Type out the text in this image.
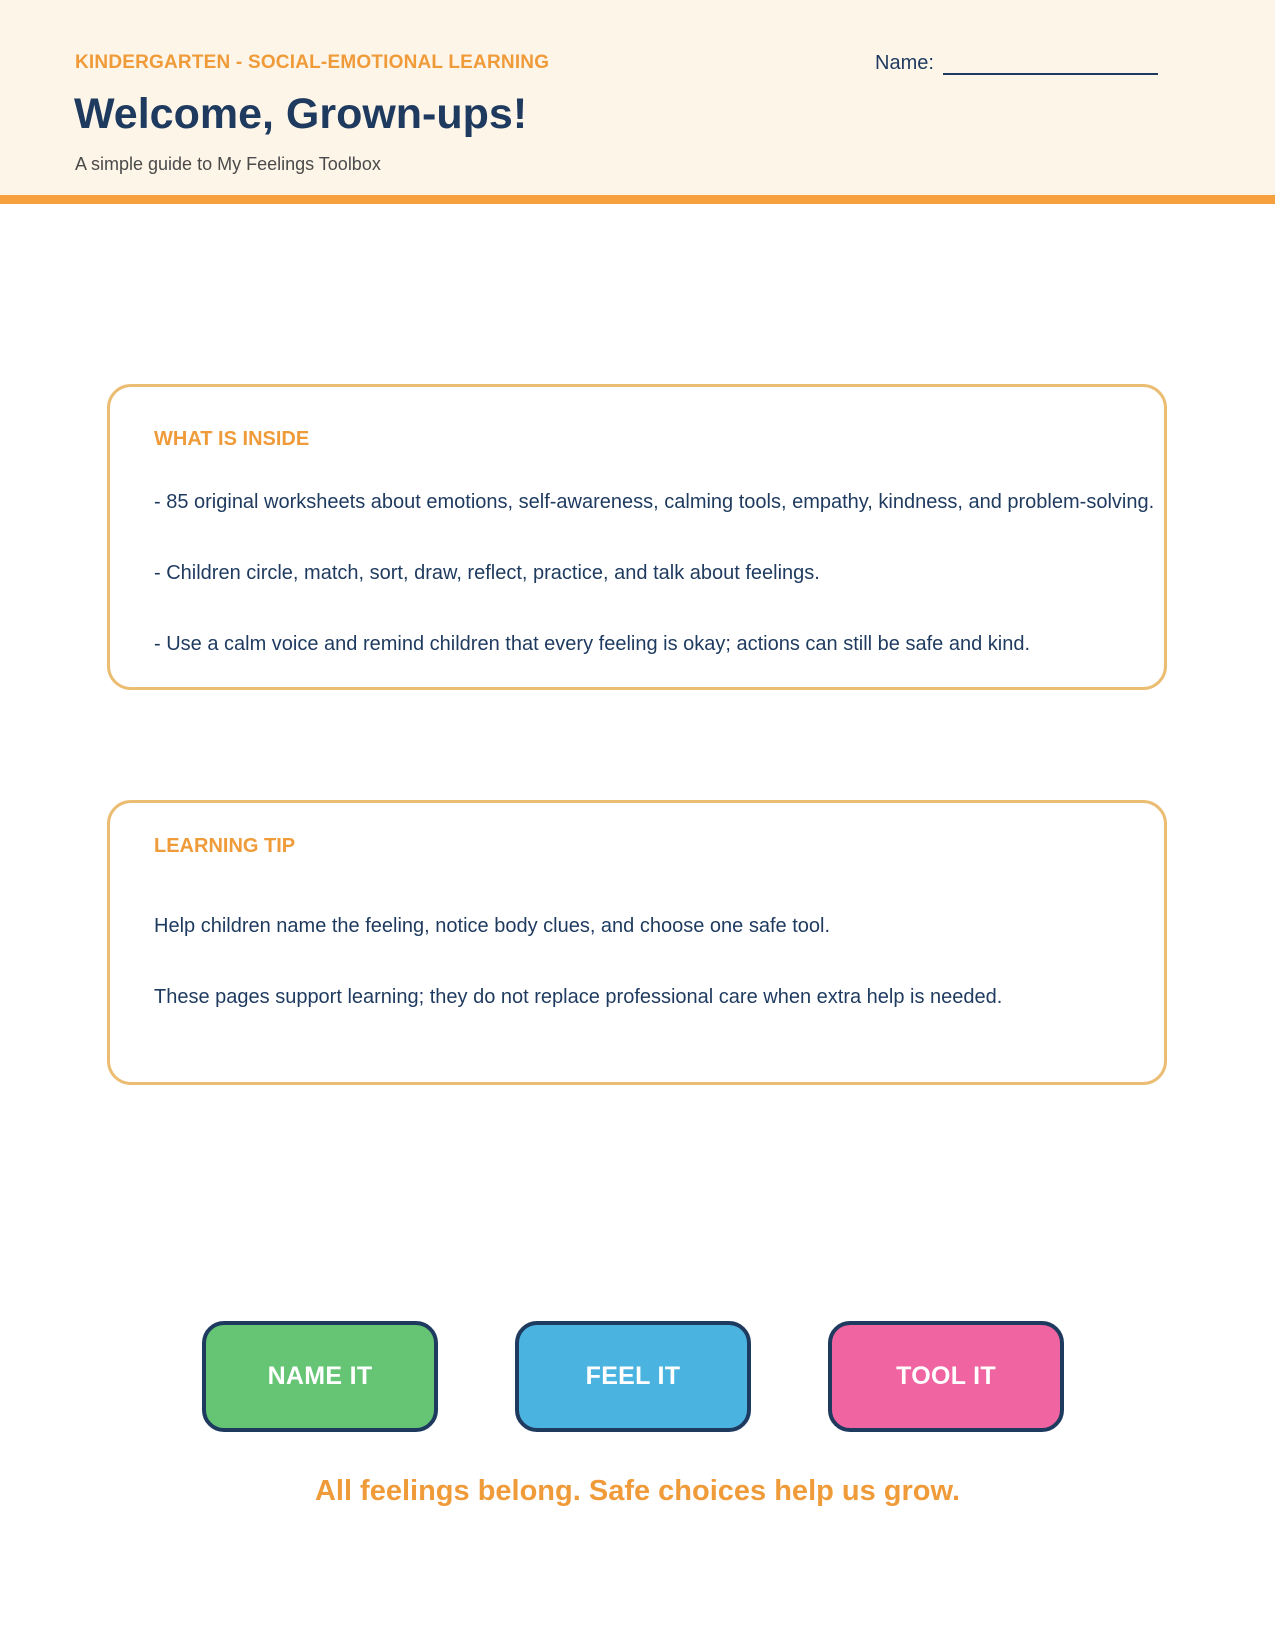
KINDERGARTEN - SOCIAL-EMOTIONAL LEARNING
Welcome, Grown-ups!
A simple guide to My Feelings Toolbox
Name:
WHAT IS INSIDE
- 85 original worksheets about emotions, self-awareness, calming tools, empathy, kindness, and problem-solving.
- Children circle, match, sort, draw, reflect, practice, and talk about feelings.
- Use a calm voice and remind children that every feeling is okay; actions can still be safe and kind.
LEARNING TIP
Help children name the feeling, notice body clues, and choose one safe tool.
These pages support learning; they do not replace professional care when extra help is needed.
NAME IT	FEEL IT	TOOL IT
All feelings belong. Safe choices help us grow.
